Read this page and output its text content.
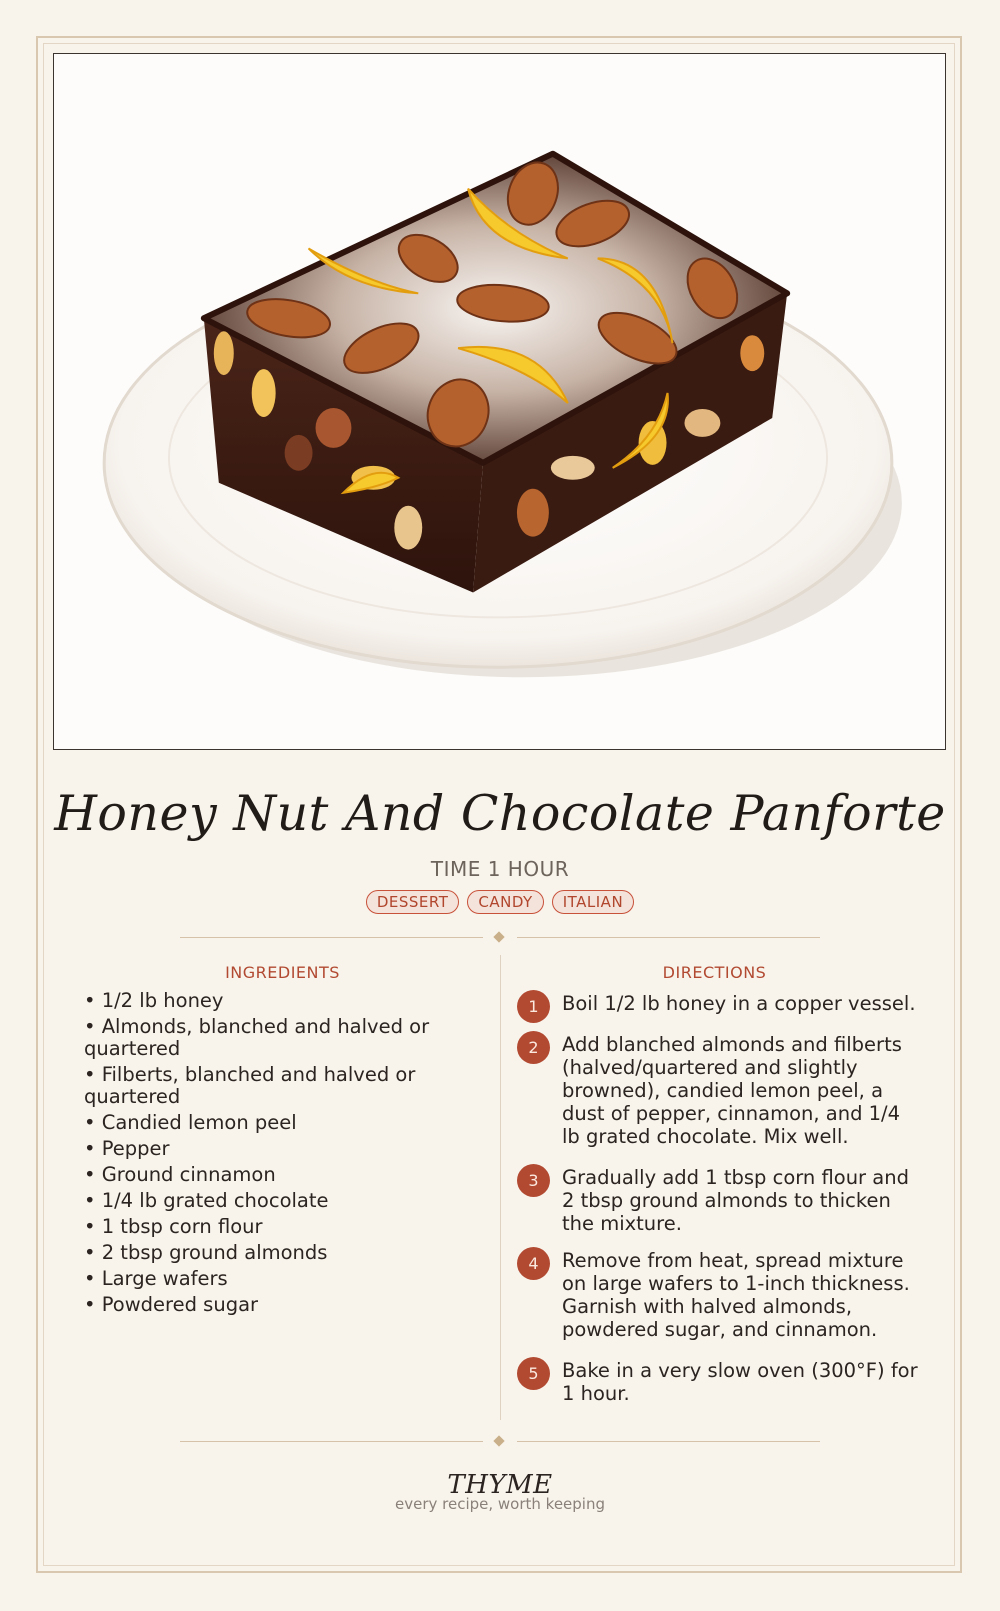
Honey Nut And Chocolate Panforte
TIME 1 HOUR
DESSERT	CANDY	ITALIAN
INGREDIENTS	DIRECTIONS
• 1/2 lb honey
• Almonds, blanched and halved or quartered
• Filberts, blanched and halved or quartered
• Candied lemon peel
• Pepper
• Ground cinnamon
• 1/4 lb grated chocolate
• 1 tbsp corn flour
• 2 tbsp ground almonds
• Large wafers
• Powdered sugar
1	Boil 1/2 lb honey in a copper vessel.
2	Add blanched almonds and filberts (halved/quartered and slightly browned), candied lemon peel, a dust of pepper, cinnamon, and 1/4 lb grated chocolate. Mix well.
3	Gradually add 1 tbsp corn flour and 2 tbsp ground almonds to thicken the mixture.
4	Remove from heat, spread mixture on large wafers to 1-inch thickness. Garnish with halved almonds, powdered sugar, and cinnamon.
5	Bake in a very slow oven (300°F) for 1 hour.
THYME
every recipe, worth keeping
